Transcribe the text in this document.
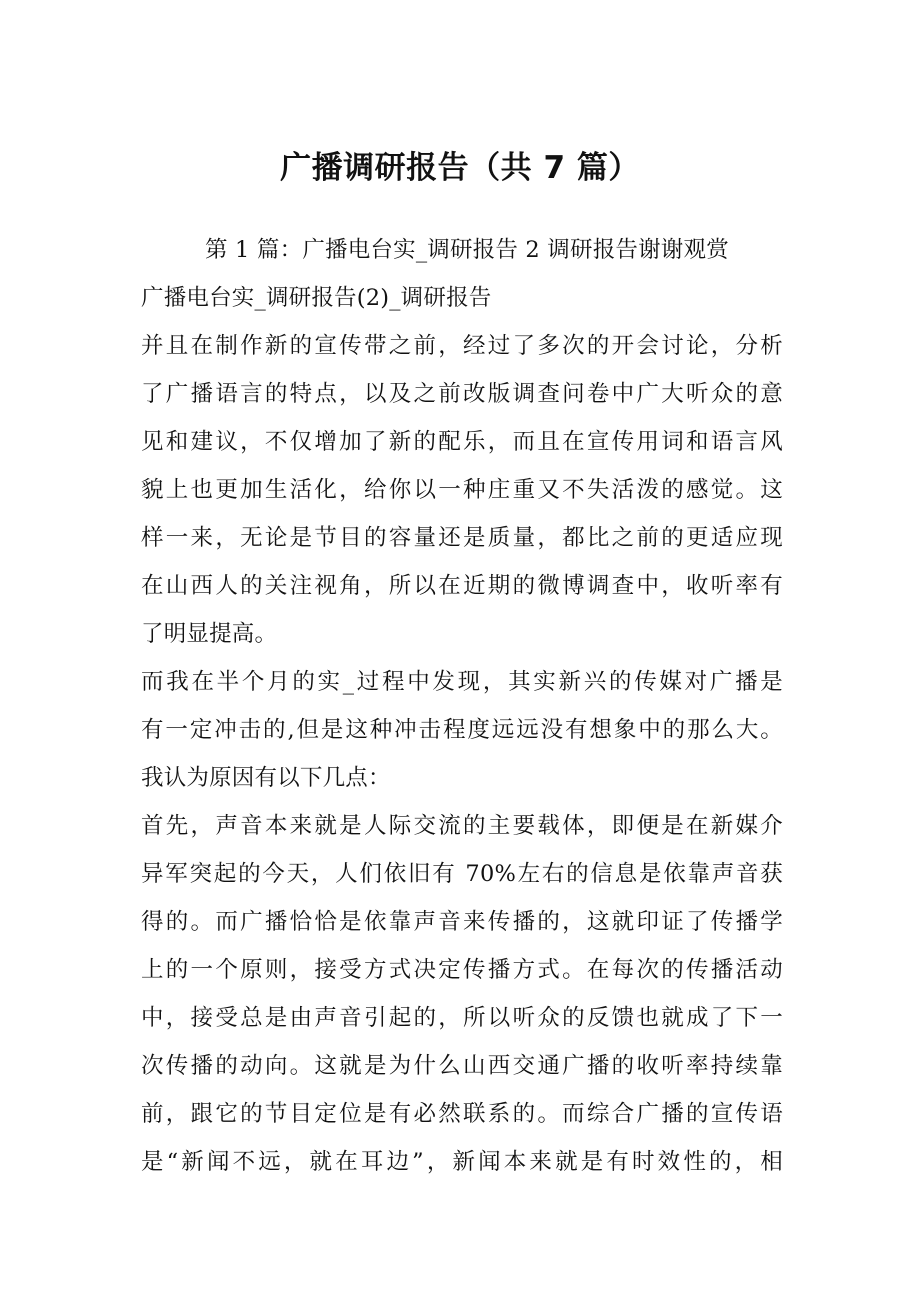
广播调研报告（共 7 篇）
第 1 篇：广播电台实_调研报告 2 调研报告谢谢观赏
广播电台实_调研报告(2)_调研报告
并且在制作新的宣传带之前，经过了多次的开会讨论，分析
了广播语言的特点，以及之前改版调查问卷中广大听众的意
见和建议，不仅增加了新的配乐，而且在宣传用词和语言风
貌上也更加生活化，给你以一种庄重又不失活泼的感觉。这
样一来，无论是节目的容量还是质量，都比之前的更适应现
在山西人的关注视角，所以在近期的微博调查中，收听率有
了明显提高。
而我在半个月的实_过程中发现，其实新兴的传媒对广播是
有一定冲击的,但是这种冲击程度远远没有想象中的那么大。
我认为原因有以下几点：
首先，声音本来就是人际交流的主要载体，即便是在新媒介
异军突起的今天，人们依旧有 70%左右的信息是依靠声音获
得的。而广播恰恰是依靠声音来传播的，这就印证了传播学
上的一个原则，接受方式决定传播方式。在每次的传播活动
中，接受总是由声音引起的，所以听众的反馈也就成了下一
次传播的动向。这就是为什么山西交通广播的收听率持续靠
前，跟它的节目定位是有必然联系的。而综合广播的宣传语
是“新闻不远，就在耳边”，新闻本来就是有时效性的，相
